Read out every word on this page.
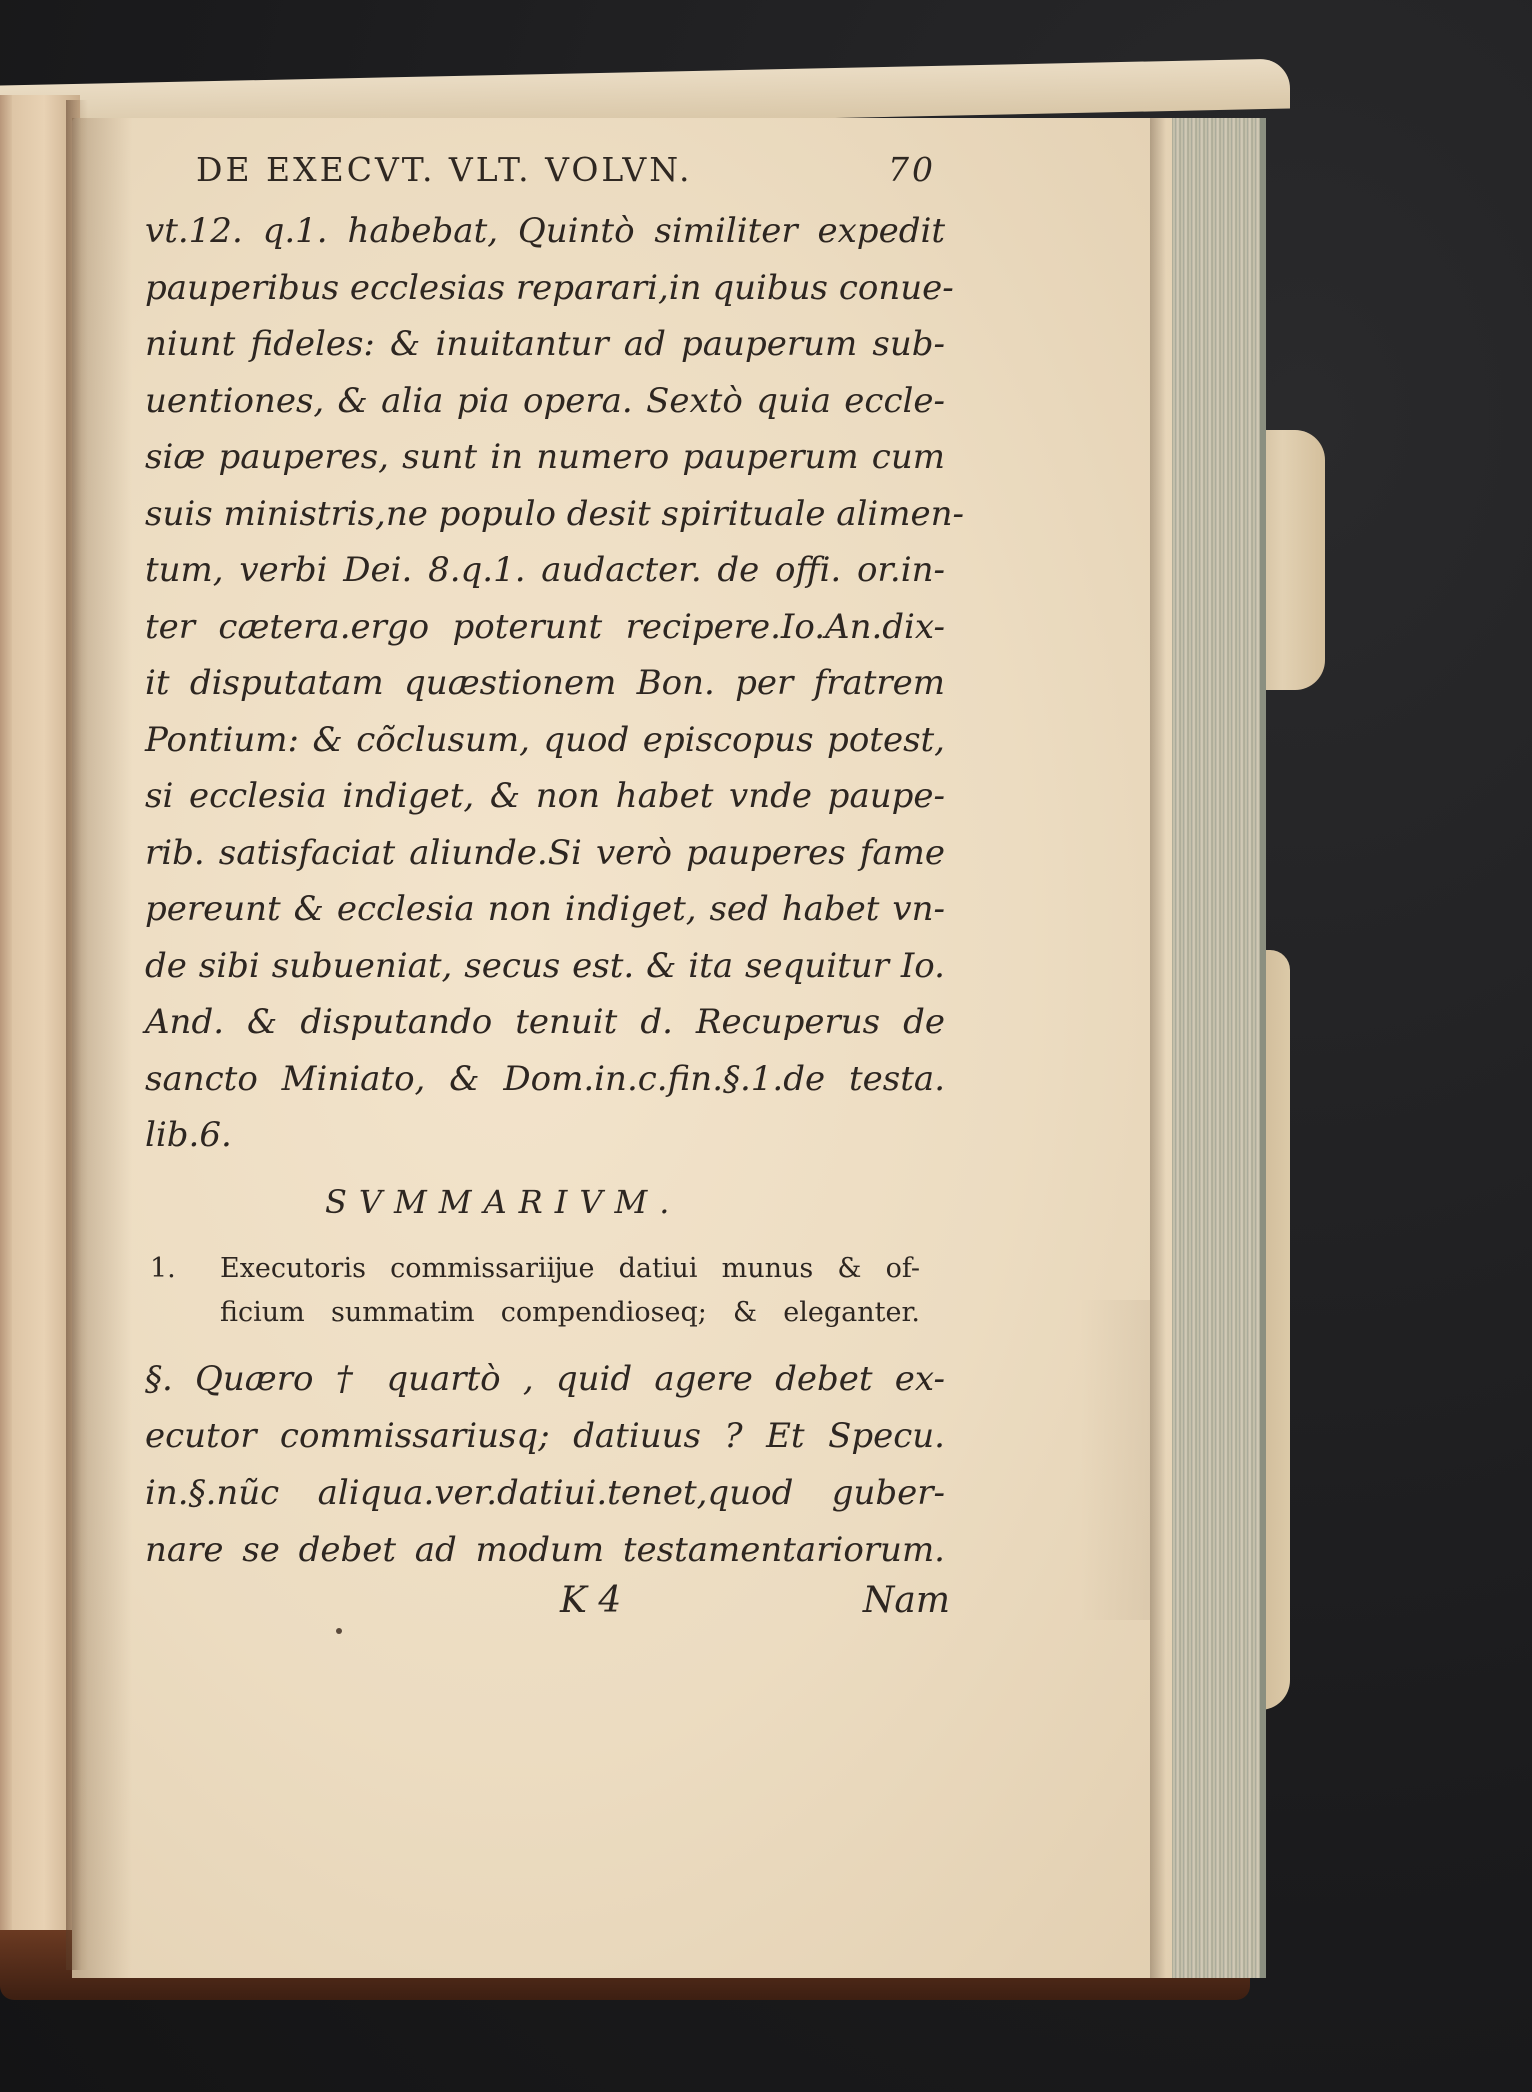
DE EXECVT. VLT. VOLVN.	70
vt.12. q.1. habebat, Quintò similiter expedit
pauperibus ecclesias reparari,in quibus conue-
niunt fideles: & inuitantur ad pauperum sub-
uentiones, & alia pia opera. Sextò quia eccle-
siæ pauperes, sunt in numero pauperum cum
suis ministris,ne populo desit spirituale alimen-
tum, verbi Dei. 8.q.1. audacter. de offi. or.in-
ter cætera.ergo poterunt recipere.Io.An.dix-
it disputatam quæstionem Bon. per fratrem
Pontium: & cõclusum, quod episcopus potest,
si ecclesia indiget, & non habet vnde paupe-
rib. satisfaciat aliunde.Si verò pauperes fame
pereunt & ecclesia non indiget, sed habet vn-
de sibi subueniat, secus est. & ita sequitur Io.
And. & disputando tenuit d. Recuperus de
sancto Miniato, & Dom.in.c.fin.§.1.de testa.
lib.6.
SVMMARIVM.
1. Executoris commissariĳue datiui munus & of-
ficium summatim compendioseq; & eleganter.
§. Quæro † quartò , quid agere debet ex-
ecutor commissariusq; datiuus ? Et Specu.
in.§.nũc aliqua.ver.datiui.tenet,quod guber-
nare se debet ad modum testamentariorum.
K 4	Nam
